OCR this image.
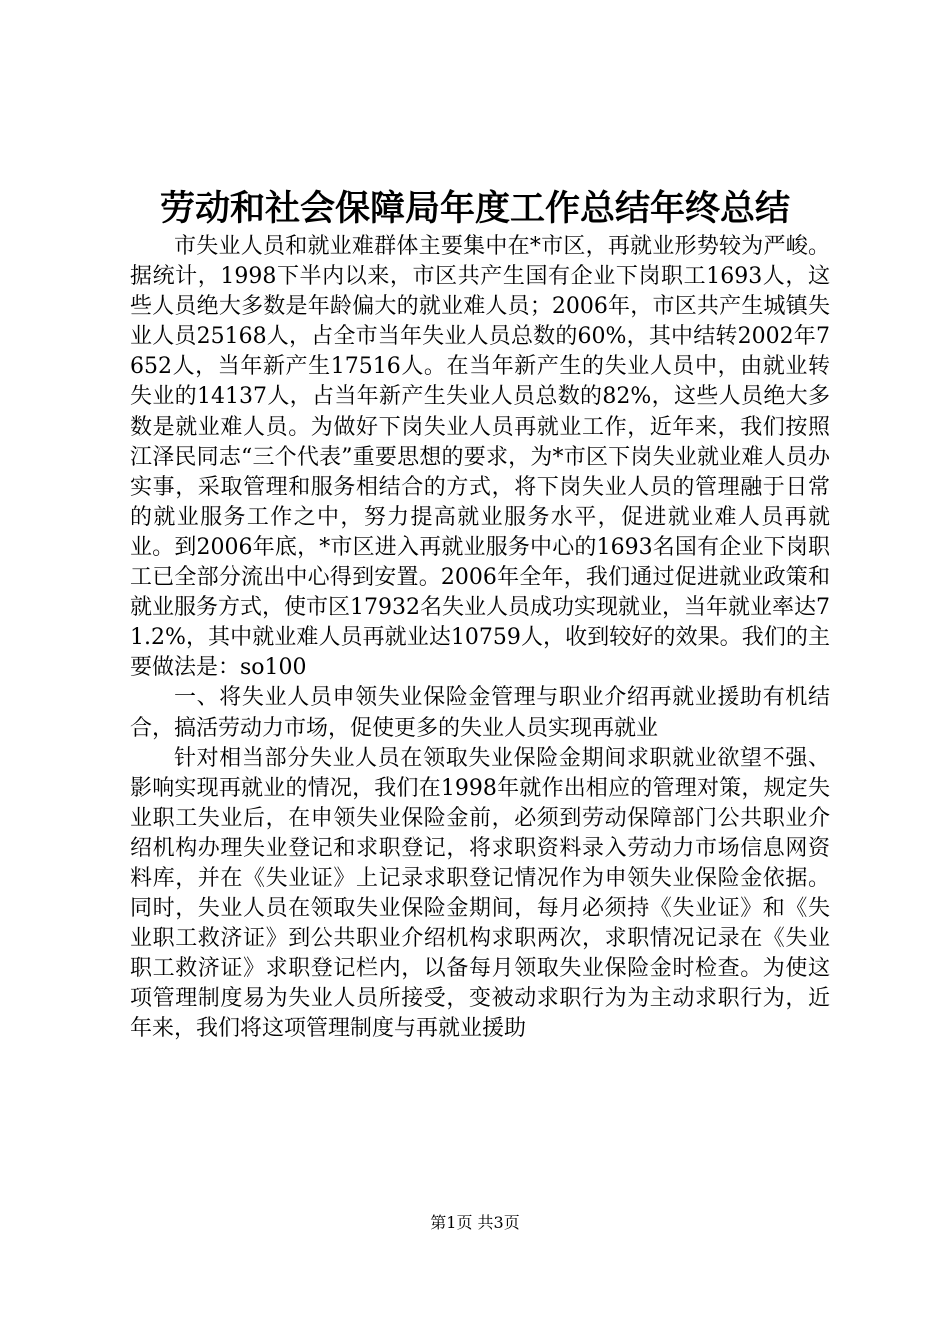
劳动和社会保障局年度工作总结年终总结

市失业人员和就业难群体主要集中在*市区，再就业形势较为严峻。据统计，1998下半内以来，市区共产生国有企业下岗职工1693人，这些人员绝大多数是年龄偏大的就业难人员；2006年，市区共产生城镇失业人员25168人，占全市当年失业人员总数的60%，其中结转2002年7652人，当年新产生17516人。在当年新产生的失业人员中，由就业转失业的14137人，占当年新产生失业人员总数的82%，这些人员绝大多数是就业难人员。为做好下岗失业人员再就业工作，近年来，我们按照江泽民同志“三个代表”重要思想的要求，为*市区下岗失业就业难人员办实事，采取管理和服务相结合的方式，将下岗失业人员的管理融于日常的就业服务工作之中，努力提高就业服务水平，促进就业难人员再就业。到2006年底，*市区进入再就业服务中心的1693名国有企业下岗职工已全部分流出中心得到安置。2006年全年，我们通过促进就业政策和就业服务方式，使市区17932名失业人员成功实现就业，当年就业率达71.2%，其中就业难人员再就业达10759人，收到较好的效果。我们的主要做法是：so100

一、将失业人员申领失业保险金管理与职业介绍再就业援助有机结合，搞活劳动力市场，促使更多的失业人员实现再就业

针对相当部分失业人员在领取失业保险金期间求职就业欲望不强、影响实现再就业的情况，我们在1998年就作出相应的管理对策，规定失业职工失业后，在申领失业保险金前，必须到劳动保障部门公共职业介绍机构办理失业登记和求职登记，将求职资料录入劳动力市场信息网资料库，并在《失业证》上记录求职登记情况作为申领失业保险金依据。同时，失业人员在领取失业保险金期间，每月必须持《失业证》和《失业职工救济证》到公共职业介绍机构求职两次，求职情况记录在《失业职工救济证》求职登记栏内，以备每月领取失业保险金时检查。为使这项管理制度易为失业人员所接受，变被动求职行为为主动求职行为，近年来，我们将这项管理制度与再就业援助

第1页 共3页
